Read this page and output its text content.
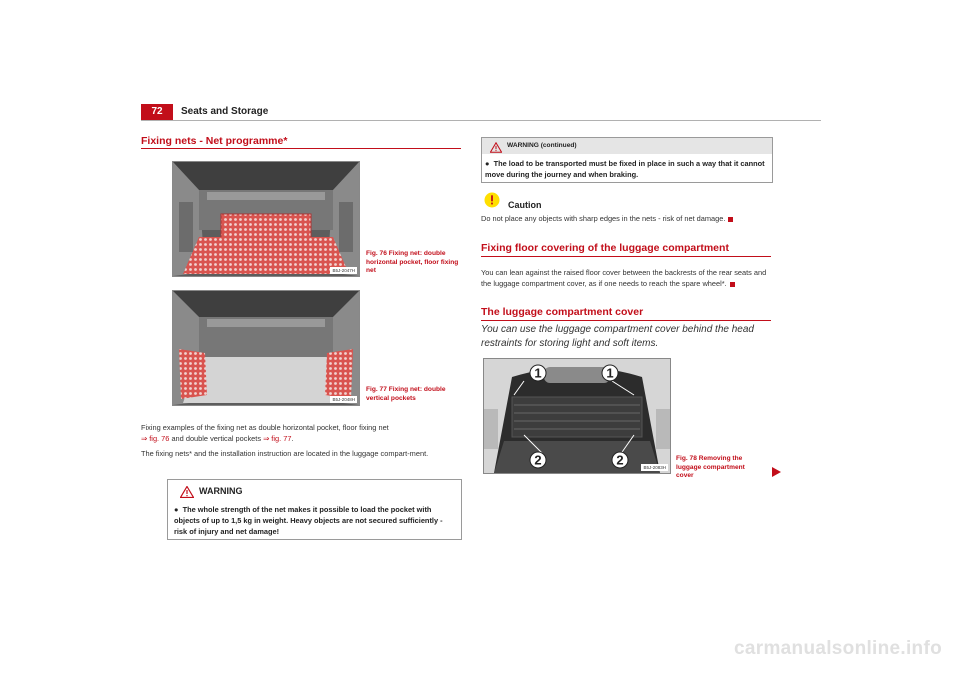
72	Seats and Storage
Fixing nets - Net programme*
B5J-2047H
Fig. 76 Fixing net: double horizontal pocket, floor fixing net
B5J-2048H
Fig. 77 Fixing net: double vertical pockets
Fixing examples of the fixing net as double horizontal pocket, floor fixing net
⇒ fig. 76 and double vertical pockets ⇒ fig. 77.
The fixing nets* and the installation instruction are located in the luggage compart-ment.
WARNING
●  The whole strength of the net makes it possible to load the pocket with objects of up to 1,5 kg in weight. Heavy objects are not secured sufficiently - risk of injury and net damage!
WARNING (continued)
●  The load to be transported must be fixed in place in such a way that it cannot move during the journey and when braking.
Caution
Do not place any objects with sharp edges in the nets - risk of net damage.
Fixing floor covering of the luggage compartment
You can lean against the raised floor cover between the backrests of the rear seats and the luggage compartment cover, as if one needs to reach the spare wheel*.
The luggage compartment cover
You can use the luggage compartment cover behind the head restraints for storing light and soft items.
1	1
2	2	B5J-2083H
Fig. 78 Removing the luggage compartment cover
carmanualsonline.info
